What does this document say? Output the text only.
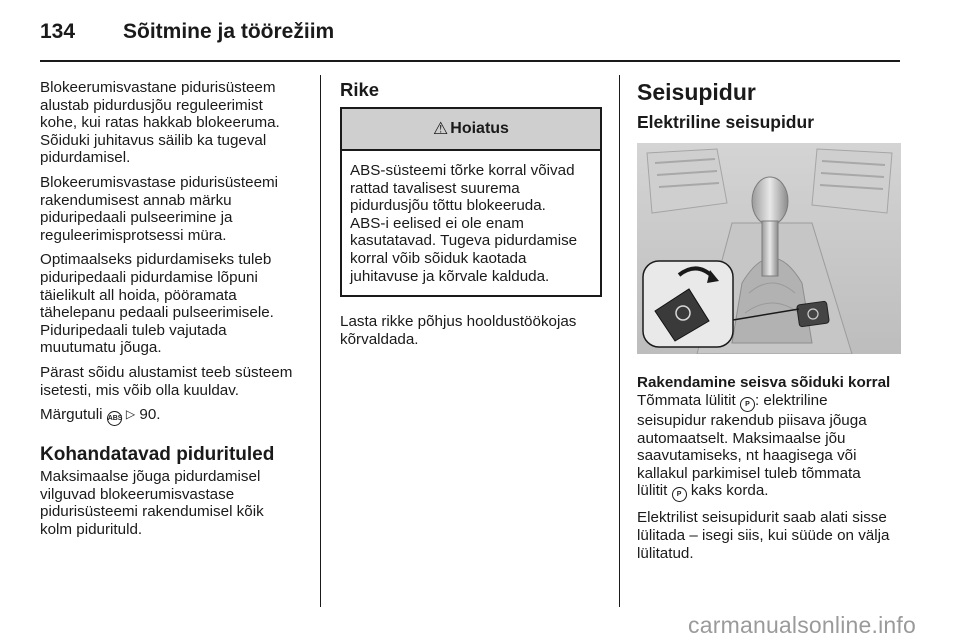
134 Sõitmine ja töörežiim

Blokeerumisvastane pidurisüsteem
alustab pidurdusjõu reguleerimist
kohe, kui ratas hakkab blokeeruma.
Sõiduki juhitavus säilib ka tugeval
pidurdamisel.

Blokeerumisvastase pidurisüsteemi
rakendumisest annab märku
piduripedaali pulseerimine ja
reguleerimisprotsessi müra.

Optimaalseks pidurdamiseks tuleb
piduripedaali pidurdamise lõpuni
täielikult all hoida, pööramata
tähelepanu pedaali pulseerimisele.
Piduripedaali tuleb vajutada
muutumatu jõuga.

Pärast sõidu alustamist teeb süsteem
isetesti, mis võib olla kuuldav.

Märgutuli ABS ▷ 90.

Kohandatavad pidurituled

Maksimaalse jõuga pidurdamisel
vilguvad blokeerumisvastase
pidurisüsteemi rakendumisel kõik
kolm pidurituld.

Rike
⚠ Hoiatus
ABS-süsteemi tõrke korral võivad
rattad tavalisest suurema
pidurdusjõu tõttu blokeeruda.
ABS-i eelised ei ole enam
kasutatavad. Tugeva pidurdamise
korral võib sõiduk kaotada
juhitavuse ja kõrvale kalduda.

Lasta rikke põhjus hooldustöökojas
kõrvaldada.

Seisupidur
Elektriline seisupidur
Rakendamine seisva sõiduki korral

Tõmmata lülitit P : elektriline
seisupidur rakendub piisava jõuga
automaatselt. Maksimaalse jõu
saavutamiseks, nt haagisega või
kallakul parkimisel tuleb tõmmata
lülitit P kaks korda.

Elektrilist seisupidurit saab alati sisse
lülitada – isegi siis, kui süüde on välja
lülitatud.

carmanualsonline.info
